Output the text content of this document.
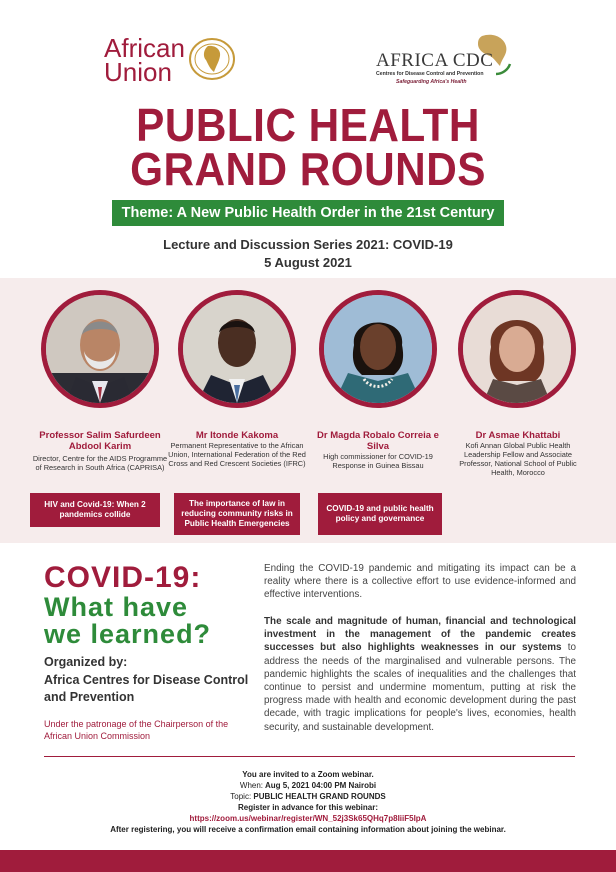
African
Union	AFRICA CDC
Centres for Disease Control and Prevention
Safeguarding Africa's Health
PUBLIC HEALTH
GRAND ROUNDS
Theme: A New Public Health Order in the 21st Century
Lecture and Discussion Series 2021: COVID-19
5 August 2021
Professor Salim Safurdeen Abdool Karim
Director, Centre for the AIDS Programme of Research in South Africa (CAPRISA)
HIV and Covid-19: When 2 pandemics collide
Mr Itonde Kakoma
Permanent Representative to the African Union, International Federation of the Red Cross and Red Crescent Societies (IFRC)
The importance of law in reducing community risks in Public Health Emergencies
Dr Magda Robalo Correia e Silva
High commissioner for COVID-19 Response in Guinea Bissau
COVID-19 and public health policy and governance
Dr Asmae Khattabi
Kofi Annan Global Public Health Leadership Fellow and Associate Professor, National School of Public Health, Morocco
COVID-19:
What have
we learned?
Organized by:
Africa Centres for Disease Control and Prevention
Under the patronage of the Chairperson of the African Union Commission
Ending the COVID-19 pandemic and mitigating its impact can be a reality where there is a collective effort to use evidence-informed and effective interventions.
The scale and magnitude of human, financial and technological investment in the management of the pandemic creates successes but also highlights weaknesses in our systems to address the needs of the marginalised and vulnerable persons. The pandemic highlights the scales of inequalities and the challenges that continue to persist and undermine momentum, putting at risk the progress made with health and economic development during the past decade, with tragic implications for people's lives, economies, health security, and sustainable development.
You are invited to a Zoom webinar.
When: Aug 5, 2021 04:00 PM Nairobi
Topic: PUBLIC HEALTH GRAND ROUNDS
Register in advance for this webinar:
https://zoom.us/webinar/register/WN_52j3Sk65QHq7p8IiiF5IpA
After registering, you will receive a confirmation email containing information about joining the webinar.
